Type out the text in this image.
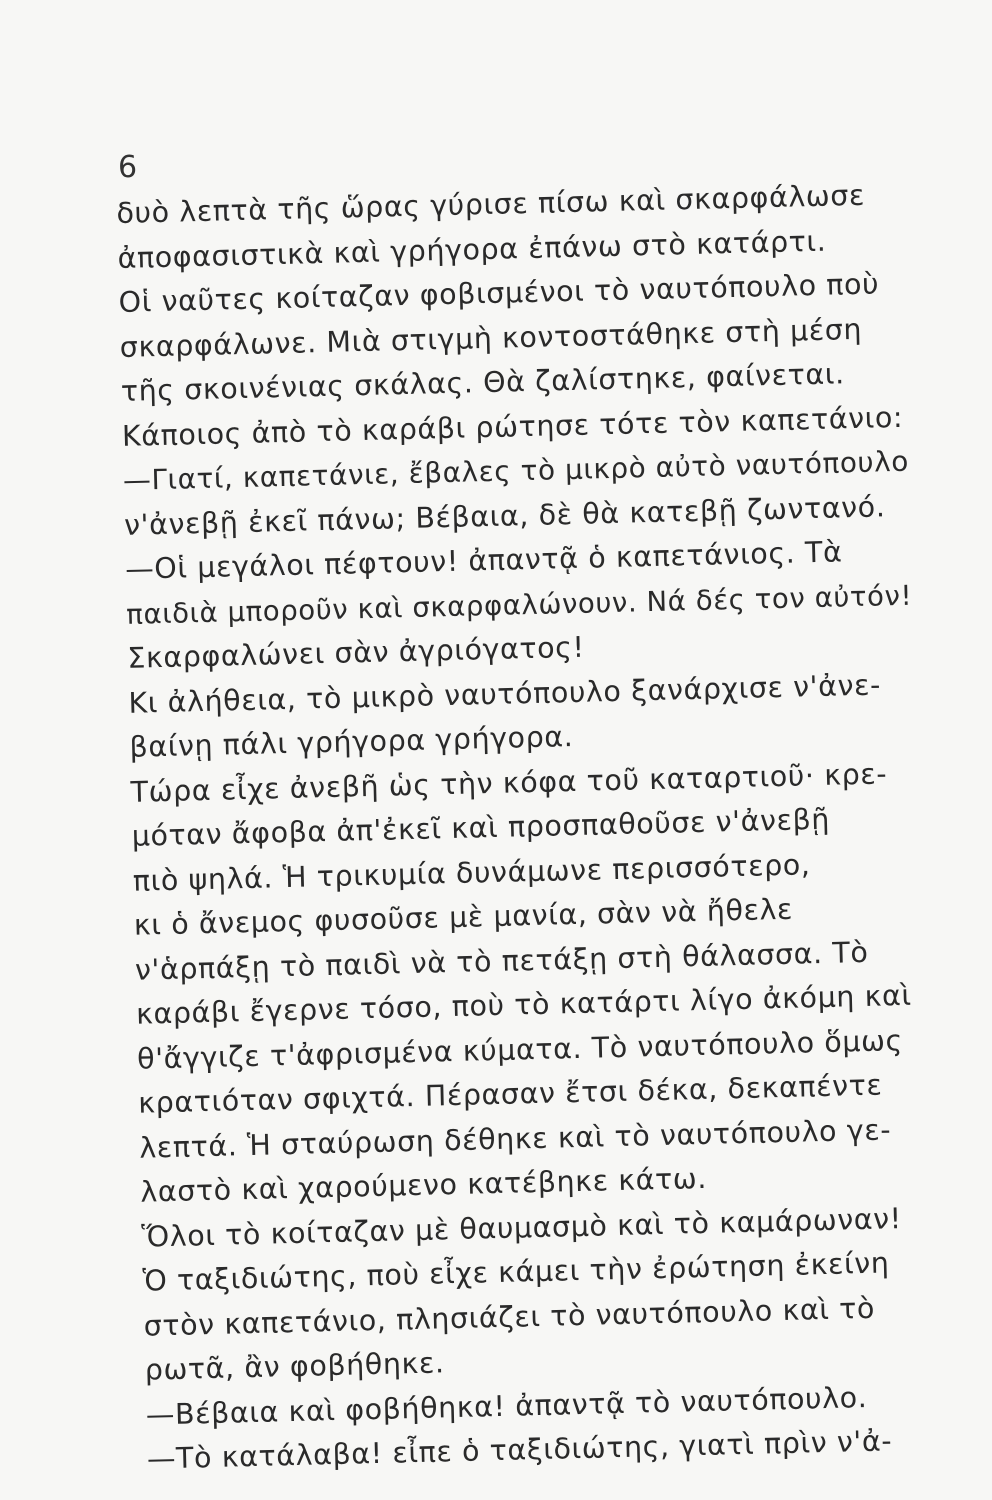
6
δυὸ λεπτὰ τῆς ὥρας γύρισε πίσω καὶ σκαρφάλωσε
ἀποφασιστικὰ καὶ γρήγορα ἐπάνω στὸ κατάρτι.
Οἱ ναῦτες κοίταζαν φοβισμένοι τὸ ναυτόπουλο ποὺ
σκαρφάλωνε. Μιὰ στιγμὴ κοντοστάθηκε στὴ μέση
τῆς σκοινένιας σκάλας. Θὰ ζαλίστηκε, φαίνεται.
Κάποιος ἀπὸ τὸ καράβι ρώτησε τότε τὸν καπετάνιο:
—Γιατί, καπετάνιε, ἔβαλες τὸ μικρὸ αὐτὸ ναυτόπουλο
ν'ἀνεβῇ ἐκεῖ πάνω; Βέβαια, δὲ θὰ κατεβῇ ζωντανό.
—Οἱ μεγάλοι πέφτουν! ἀπαντᾷ ὁ καπετάνιος. Τὰ
παιδιὰ μποροῦν καὶ σκαρφαλώνουν. Νά δές τον αὐτόν!
Σκαρφαλώνει σὰν ἀγριόγατος!
Κι ἀλήθεια, τὸ μικρὸ ναυτόπουλο ξανάρχισε ν'ἀνε-
βαίνῃ πάλι γρήγορα γρήγορα.
Τώρα εἶχε ἀνεβῆ ὡς τὴν κόφα τοῦ καταρτιοῦ· κρε-
μόταν ἄφοβα ἀπ'ἐκεῖ καὶ προσπαθοῦσε ν'ἀνεβῇ
πιὸ ψηλά. Ἡ τρικυμία δυνάμωνε περισσότερο,
κι ὁ ἄνεμος φυσοῦσε μὲ μανία, σὰν νὰ ἤθελε
ν'ἁρπάξῃ τὸ παιδὶ νὰ τὸ πετάξῃ στὴ θάλασσα. Τὸ
καράβι ἔγερνε τόσο, ποὺ τὸ κατάρτι λίγο ἀκόμη καὶ
θ'ἄγγιζε τ'ἀφρισμένα κύματα. Τὸ ναυτόπουλο ὅμως
κρατιόταν σφιχτά. Πέρασαν ἔτσι δέκα, δεκαπέντε
λεπτά. Ἡ σταύρωση δέθηκε καὶ τὸ ναυτόπουλο γε-
λαστὸ καὶ χαρούμενο κατέβηκε κάτω.
Ὅλοι τὸ κοίταζαν μὲ θαυμασμὸ καὶ τὸ καμάρωναν!
Ὁ ταξιδιώτης, ποὺ εἶχε κάμει τὴν ἐρώτηση ἐκείνη
στὸν καπετάνιο, πλησιάζει τὸ ναυτόπουλο καὶ τὸ
ρωτᾶ, ἂν φοβήθηκε.
—Βέβαια καὶ φοβήθηκα! ἀπαντᾷ τὸ ναυτόπουλο.
—Τὸ κατάλαβα! εἶπε ὁ ταξιδιώτης, γιατὶ πρὶν ν'ἀ-
